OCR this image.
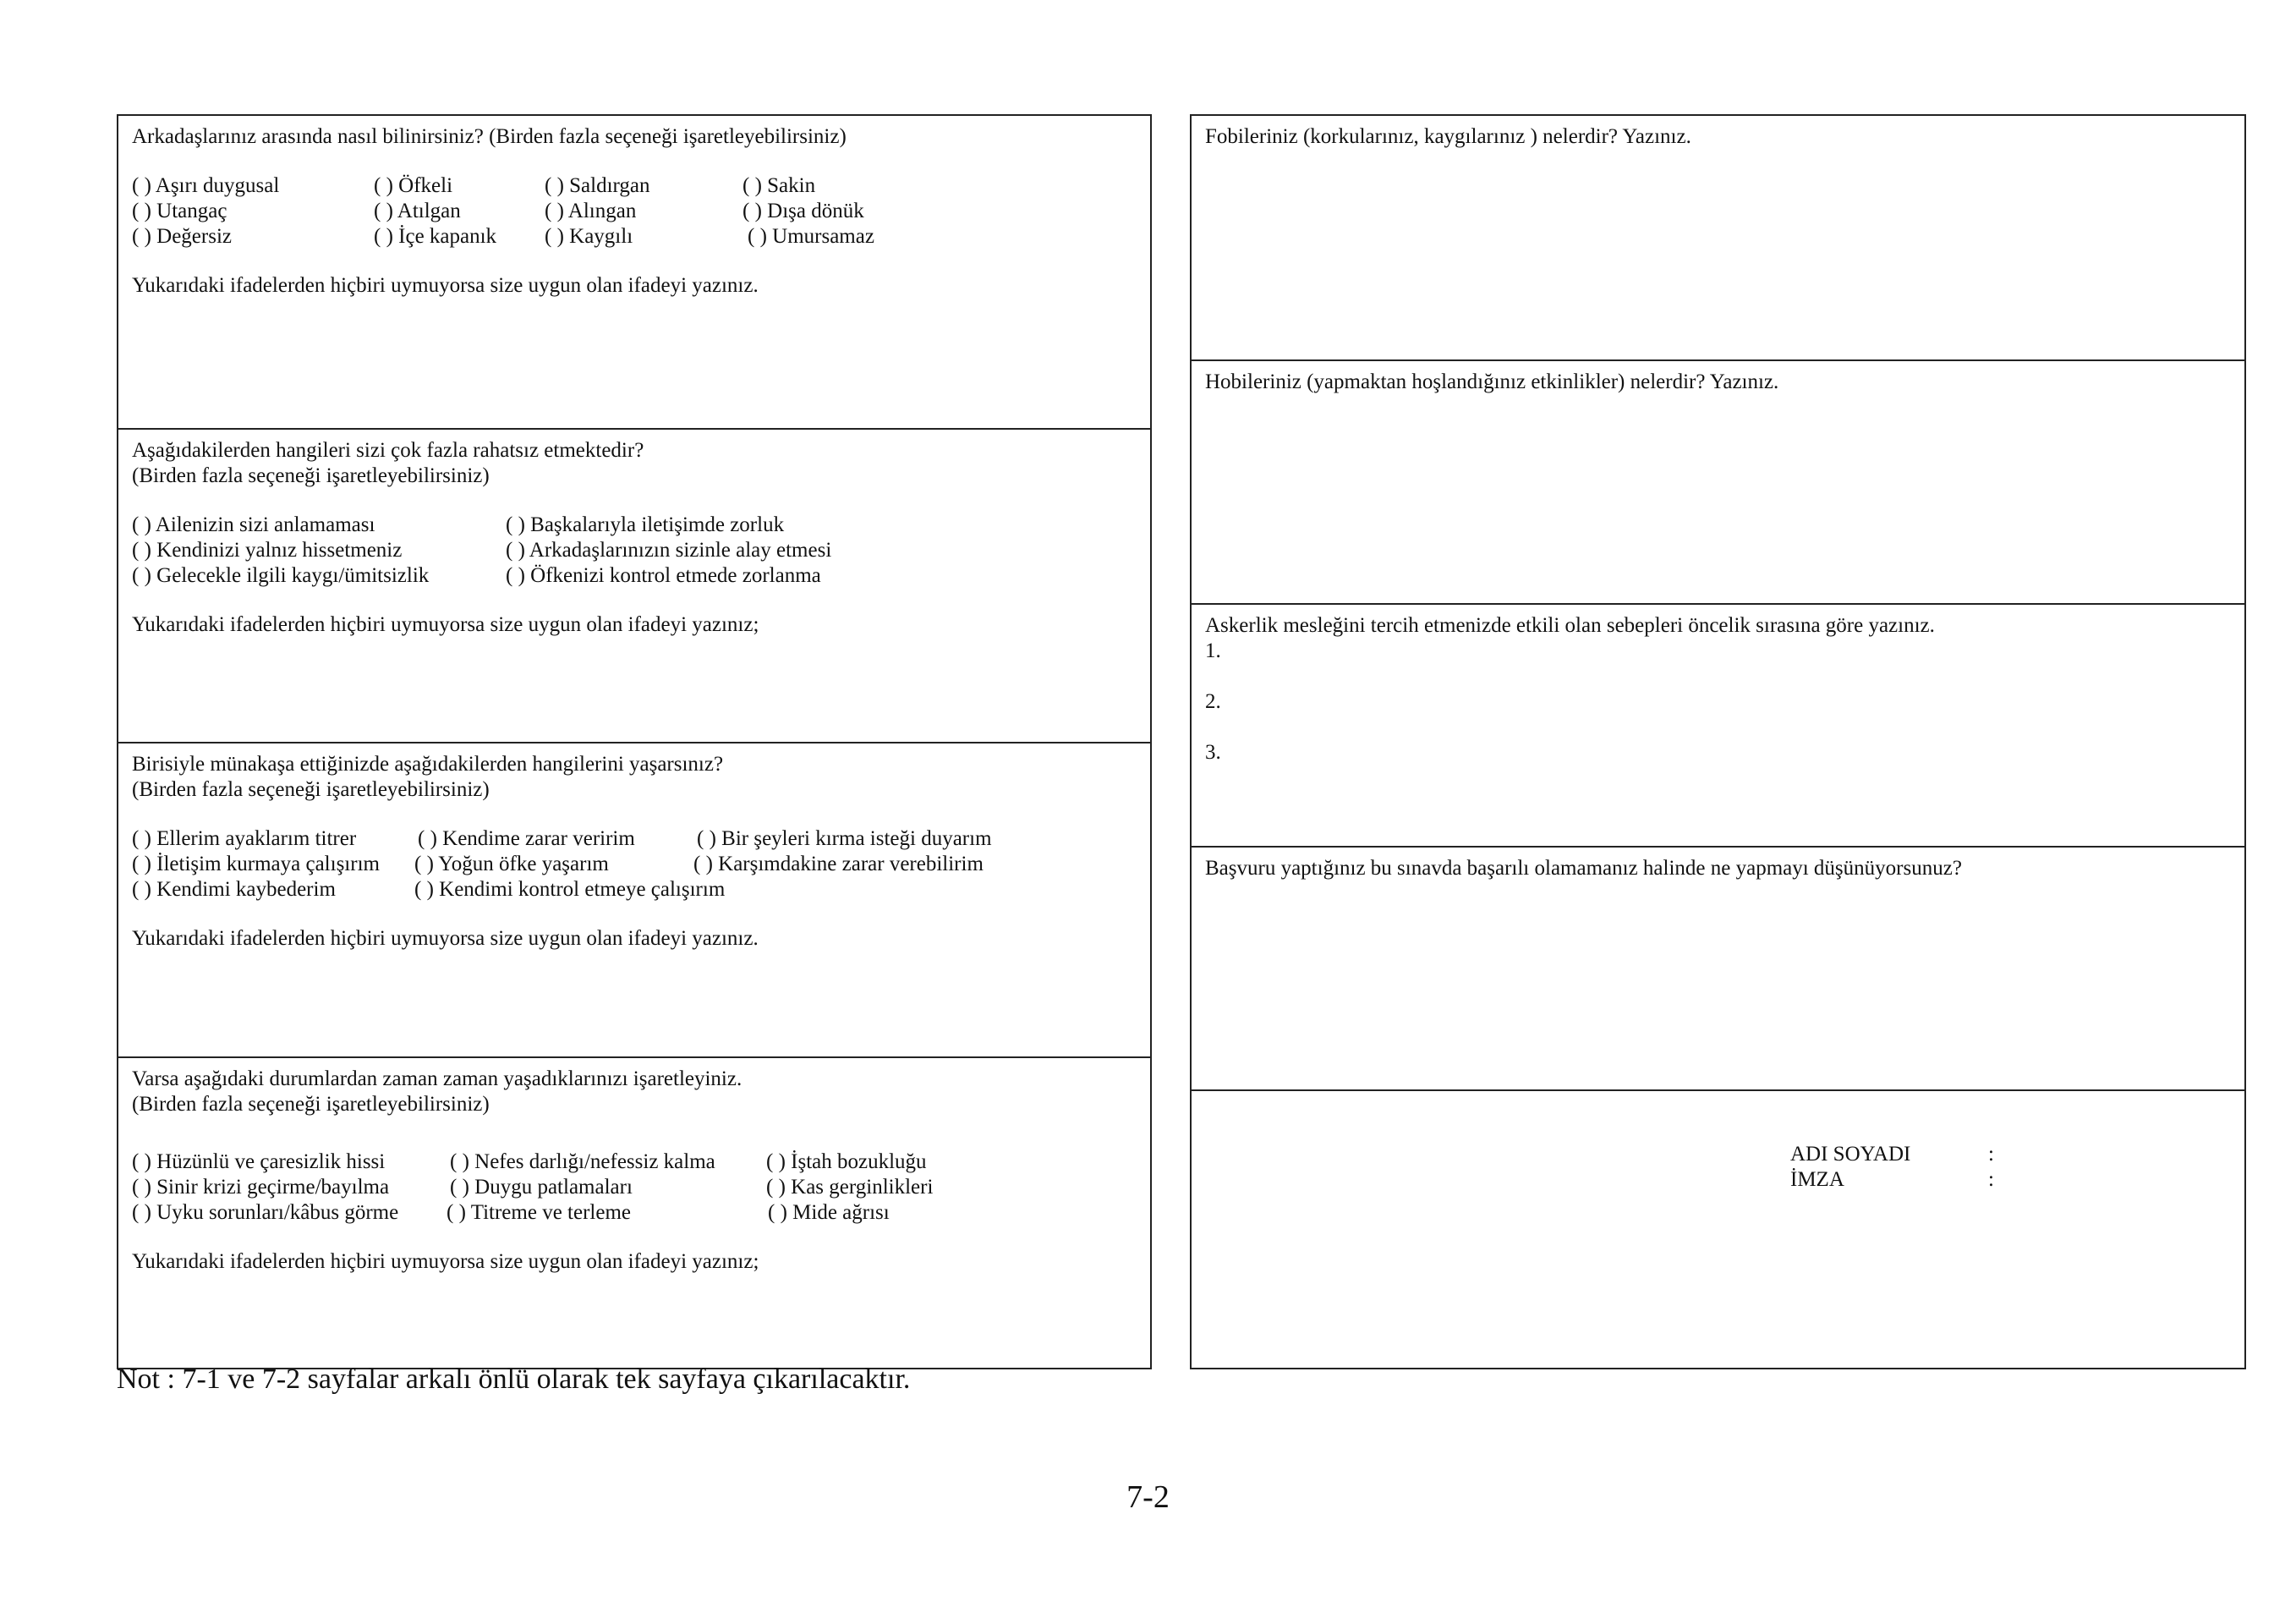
Arkadaşlarınız arasında nasıl bilinirsiniz? (Birden fazla seçeneği işaretleyebilirsiniz)
( ) Aşırı duygusal	( ) Öfkeli	( ) Saldırgan	( ) Sakin
( ) Utangaç	( ) Atılgan	( ) Alıngan	( ) Dışa dönük
( ) Değersiz	( ) İçe kapanık ( ) Kaygılı	( ) Umursamaz
Yukarıdaki ifadelerden hiçbiri uymuyorsa size uygun olan ifadeyi yazınız.
Aşağıdakilerden hangileri sizi çok fazla rahatsız etmektedir?
(Birden fazla seçeneği işaretleyebilirsiniz)
( ) Ailenizin sizi anlamaması	( ) Başkalarıyla iletişimde zorluk
( ) Kendinizi yalnız hissetmeniz	( ) Arkadaşlarınızın sizinle alay etmesi
( ) Gelecekle ilgili kaygı/ümitsizlik	( ) Öfkenizi kontrol etmede zorlanma
Yukarıdaki ifadelerden hiçbiri uymuyorsa size uygun olan ifadeyi yazınız;
Birisiyle münakaşa ettiğinizde aşağıdakilerden hangilerini yaşarsınız?
(Birden fazla seçeneği işaretleyebilirsiniz)
( ) Ellerim ayaklarım titrer	( ) Kendime zarar veririm	( ) Bir şeyleri kırma isteği duyarım
( ) İletişim kurmaya çalışırım ( ) Yoğun öfke yaşarım	( ) Karşımdakine zarar verebilirim
( ) Kendimi kaybederim	( ) Kendimi kontrol etmeye çalışırım
Yukarıdaki ifadelerden hiçbiri uymuyorsa size uygun olan ifadeyi yazınız.
Varsa aşağıdaki durumlardan zaman zaman yaşadıklarınızı işaretleyiniz.
(Birden fazla seçeneği işaretleyebilirsiniz)
( ) Hüzünlü ve çaresizlik hissi	( ) Nefes darlığı/nefessiz kalma ( ) İştah bozukluğu
( ) Sinir krizi geçirme/bayılma	( ) Duygu patlamaları	( ) Kas gerginlikleri
( ) Uyku sorunları/kâbus görme ( ) Titreme ve terleme	( ) Mide ağrısı
Yukarıdaki ifadelerden hiçbiri uymuyorsa size uygun olan ifadeyi yazınız;
Fobileriniz (korkularınız, kaygılarınız ) nelerdir? Yazınız.
Hobileriniz (yapmaktan hoşlandığınız etkinlikler) nelerdir? Yazınız.
Askerlik mesleğini tercih etmenizde etkili olan sebepleri öncelik sırasına göre yazınız.
1.
2.
3.
Başvuru yaptığınız bu sınavda başarılı olamamanız halinde ne yapmayı düşünüyorsunuz?
ADI SOYADI	:
İMZA	:
Not : 7-1 ve 7-2 sayfalar arkalı önlü olarak tek sayfaya çıkarılacaktır.
7-2
